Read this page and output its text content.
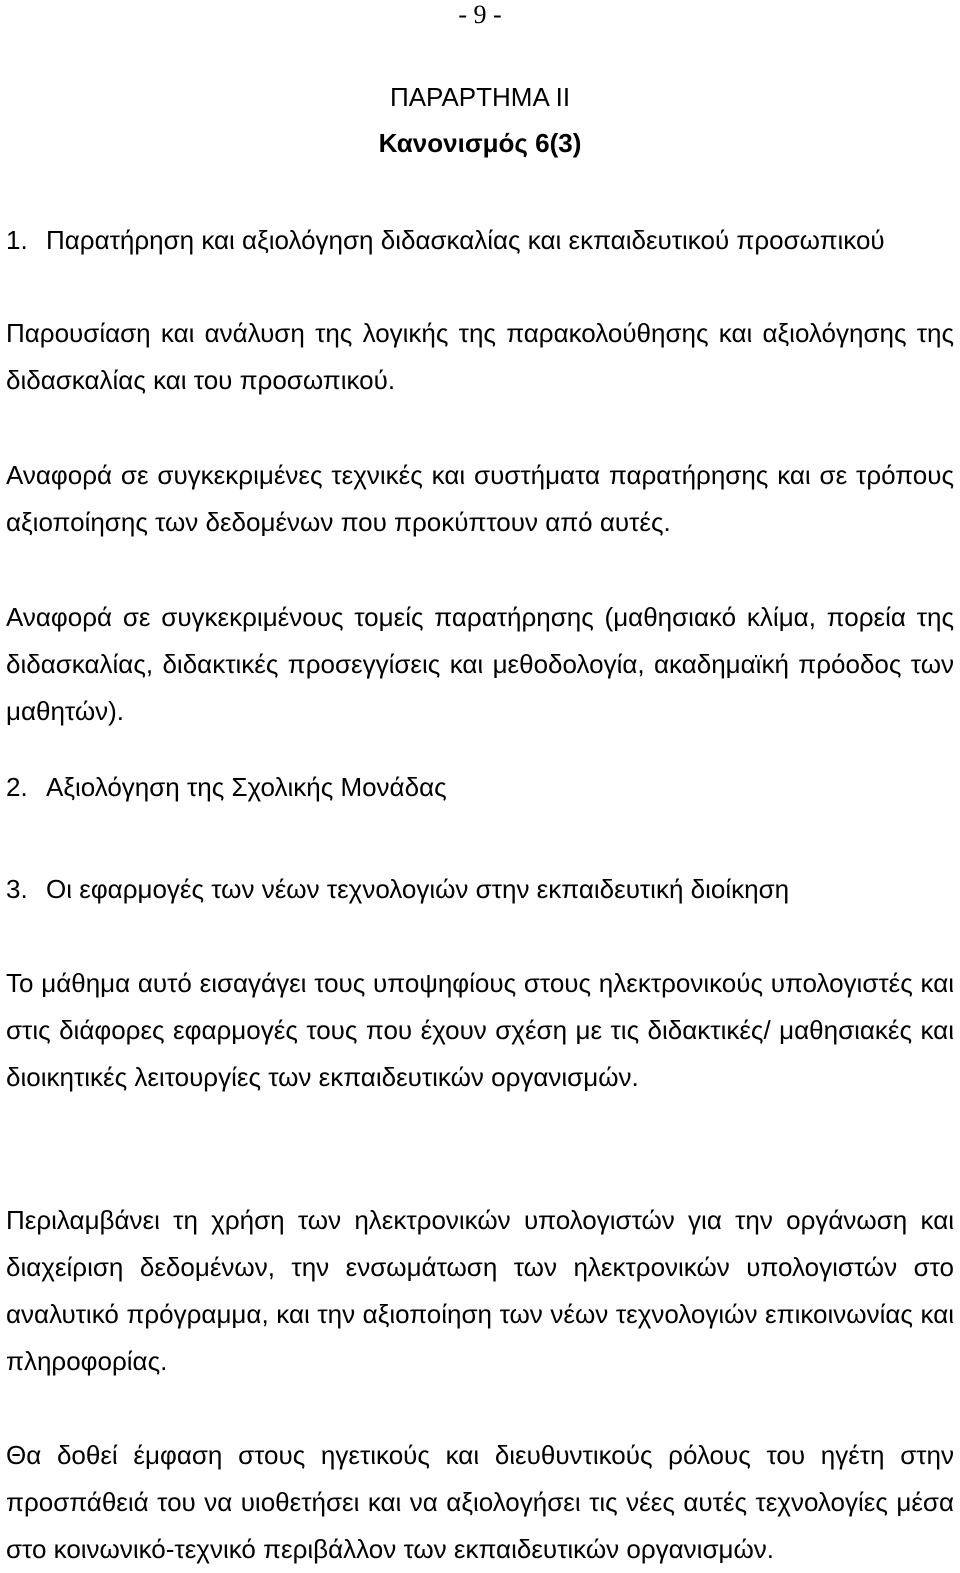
- 9 -
ΠΑΡΑΡΤΗΜΑ ΙΙ
Κανονισμός 6(3)
1. Παρατήρηση και αξιολόγηση διδασκαλίας και εκπαιδευτικού προσωπικού
Παρουσίαση και ανάλυση της λογικής της παρακολούθησης και αξιολόγησης της διδασκαλίας και του προσωπικού.
Αναφορά σε συγκεκριμένες τεχνικές και συστήματα παρατήρησης και σε τρόπους αξιοποίησης των δεδομένων που προκύπτουν από αυτές.
Αναφορά σε συγκεκριμένους τομείς παρατήρησης (μαθησιακό κλίμα, πορεία της διδασκαλίας, διδακτικές προσεγγίσεις και μεθοδολογία, ακαδημαϊκή πρόοδος των μαθητών).
2. Αξιολόγηση της Σχολικής Μονάδας
3. Οι εφαρμογές των νέων τεχνολογιών στην εκπαιδευτική διοίκηση
Το μάθημα αυτό εισαγάγει τους υποψηφίους στους ηλεκτρονικούς υπολογιστές και στις διάφορες εφαρμογές τους που έχουν σχέση με τις διδακτικές/ μαθησιακές και διοικητικές λειτουργίες των εκπαιδευτικών οργανισμών.
Περιλαμβάνει τη χρήση των ηλεκτρονικών υπολογιστών για την οργάνωση και διαχείριση δεδομένων, την ενσωμάτωση των ηλεκτρονικών υπολογιστών στο αναλυτικό πρόγραμμα, και την αξιοποίηση των νέων τεχνολογιών επικοινωνίας και πληροφορίας.
Θα δοθεί έμφαση στους ηγετικούς και διευθυντικούς ρόλους του ηγέτη στην προσπάθειά του να υιοθετήσει και να αξιολογήσει τις νέες αυτές τεχνολογίες μέσα στο κοινωνικό-τεχνικό περιβάλλον των εκπαιδευτικών οργανισμών.
